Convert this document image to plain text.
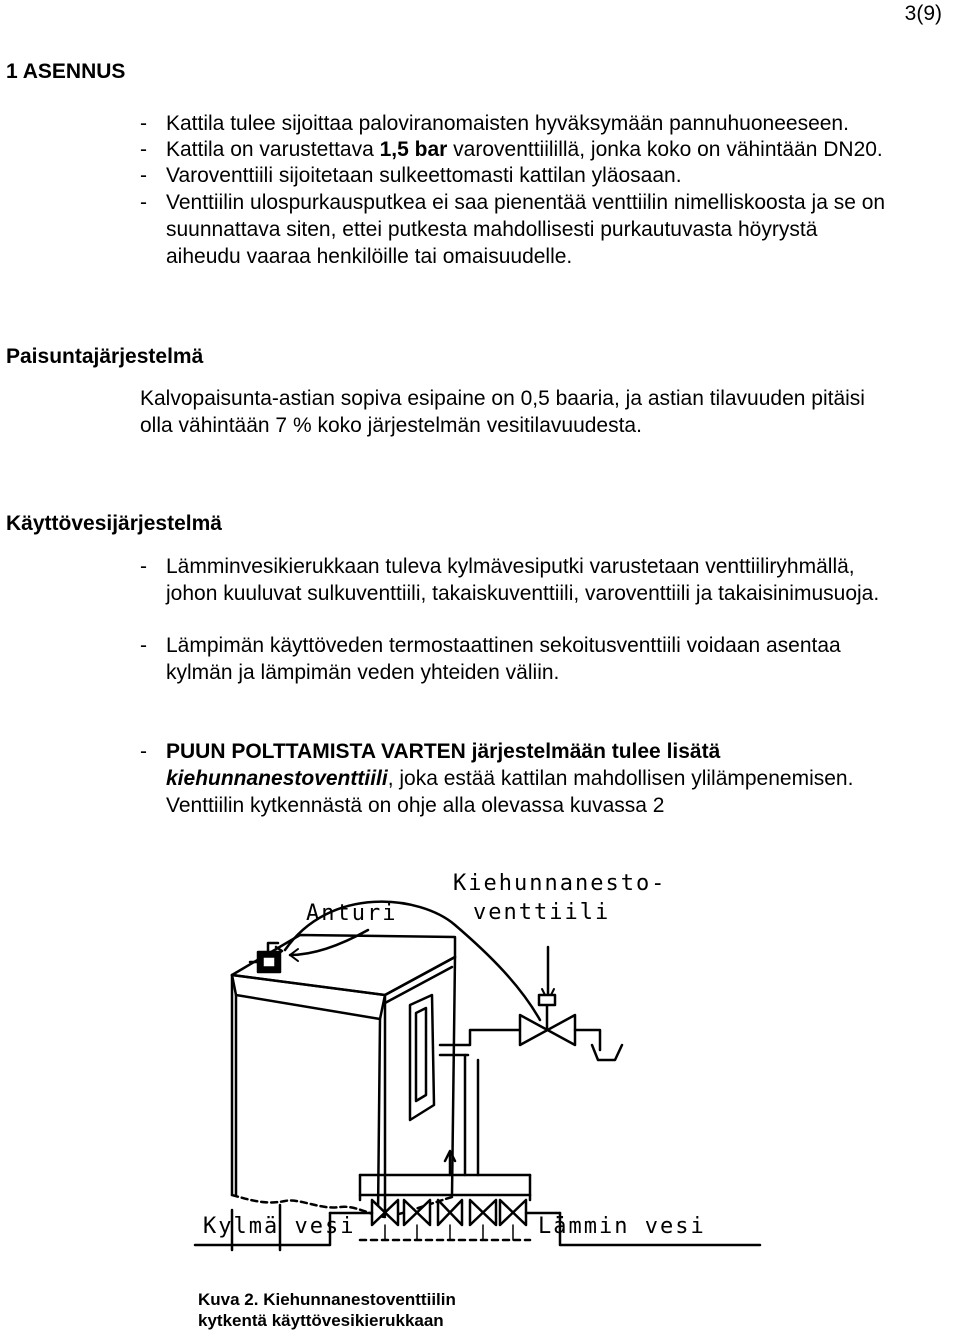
3(9)
1 ASENNUS
- Kattila tulee sijoittaa paloviranomaisten hyväksymään pannuhuoneeseen.
- Kattila on varustettava 1,5 bar varoventtiilillä, jonka koko on vähintään DN20.
- Varoventtiili sijoitetaan sulkeettomasti kattilan yläosaan.
- Venttiilin ulospurkausputkea ei saa pienentää venttiilin nimelliskoosta ja se on
suunnattava siten, ettei putkesta mahdollisesti purkautuvasta höyrystä
aiheudu vaaraa henkilöille tai omaisuudelle.
Paisuntajärjestelmä
Kalvopaisunta-astian sopiva esipaine on 0,5 baaria, ja astian tilavuuden pitäisi
olla vähintään 7 % koko järjestelmän vesitilavuudesta.
Käyttövesijärjestelmä
- Lämminvesikierukkaan tuleva kylmävesiputki varustetaan venttiiliryhmällä,
johon kuuluvat sulkuventtiili, takaiskuventtiili, varoventtiili ja takaisinimusuoja.
- Lämpimän käyttöveden termostaattinen sekoitusventtiili voidaan asentaa
kylmän ja lämpimän veden yhteiden väliin.
- PUUN POLTTAMISTA VARTEN järjestelmään tulee lisätä
kiehunnanestoventtiili, joka estää kattilan mahdollisen ylilämpenemisen.
Venttiilin kytkennästä on ohje alla olevassa kuvassa 2
Kiehunnanesto-
venttiili
Anturi
Kylmä vesi	Lämmin vesi
Kuva 2. Kiehunnanestoventtiilin
kytkentä käyttövesikierukkaan
